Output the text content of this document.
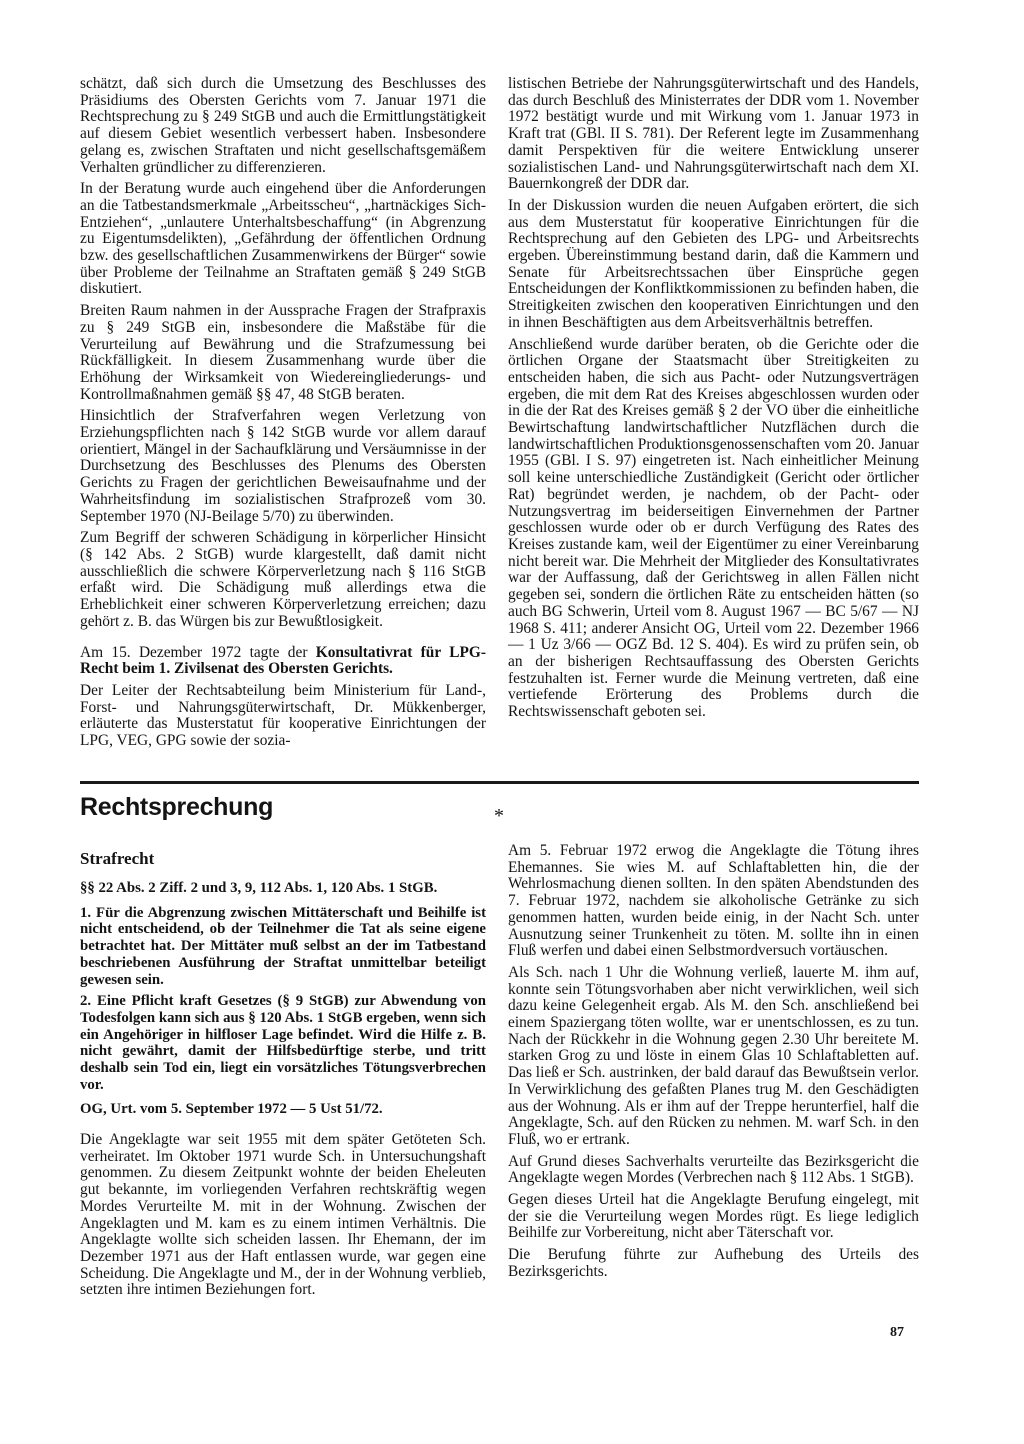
schätzt, daß sich durch die Umsetzung des Beschlusses des Präsidiums des Obersten Gerichts vom 7. Januar 1971 die Rechtsprechung zu § 249 StGB und auch die Ermittlungstätigkeit auf diesem Gebiet wesentlich verbessert haben. Insbesondere gelang es, zwischen Straftaten und nicht gesellschaftsgemäßem Verhalten gründlicher zu differenzieren.

In der Beratung wurde auch eingehend über die Anforderungen an die Tatbestandsmerkmale „Arbeitsscheu“, „hartnäckiges Sich-Entziehen“, „unlautere Unterhaltsbeschaffung“ (in Abgrenzung zu Eigentumsdelikten), „Gefährdung der öffentlichen Ordnung bzw. des gesellschaftlichen Zusammenwirkens der Bürger“ sowie über Probleme der Teilnahme an Straftaten gemäß § 249 StGB diskutiert.

Breiten Raum nahmen in der Aussprache Fragen der Strafpraxis zu § 249 StGB ein, insbesondere die Maßstäbe für die Verurteilung auf Bewährung und die Strafzumessung bei Rückfälligkeit. In diesem Zusammenhang wurde über die Erhöhung der Wirksamkeit von Wiedereingliederungs- und Kontrollmaßnahmen gemäß §§ 47, 48 StGB beraten.

Hinsichtlich der Strafverfahren wegen Verletzung von Erziehungspflichten nach § 142 StGB wurde vor allem darauf orientiert, Mängel in der Sachaufklärung und Versäumnisse in der Durchsetzung des Beschlusses des Plenums des Obersten Gerichts zu Fragen der gerichtlichen Beweisaufnahme und der Wahrheitsfindung im sozialistischen Strafprozeß vom 30. September 1970 (NJ-Beilage 5/70) zu überwinden.

Zum Begriff der schweren Schädigung in körperlicher Hinsicht (§ 142 Abs. 2 StGB) wurde klargestellt, daß damit nicht ausschließlich die schwere Körperverletzung nach § 116 StGB erfaßt wird. Die Schädigung muß allerdings etwa die Erheblichkeit einer schweren Körperverletzung erreichen; dazu gehört z. B. das Würgen bis zur Bewußtlosigkeit.

Am 15. Dezember 1972 tagte der Konsultativrat für LPG-Recht beim 1. Zivilsenat des Obersten Gerichts.

Der Leiter der Rechtsabteilung beim Ministerium für Land-, Forst- und Nahrungsgüterwirtschaft, Dr. Mükkenberger, erläuterte das Musterstatut für kooperative Einrichtungen der LPG, VEG, GPG sowie der sozia-

listischen Betriebe der Nahrungsgüterwirtschaft und des Handels, das durch Beschluß des Ministerrates der DDR vom 1. November 1972 bestätigt wurde und mit Wirkung vom 1. Januar 1973 in Kraft trat (GBl. II S. 781). Der Referent legte im Zusammenhang damit Perspektiven für die weitere Entwicklung unserer sozialistischen Land- und Nahrungsgüterwirtschaft nach dem XI. Bauernkongreß der DDR dar.

In der Diskussion wurden die neuen Aufgaben erörtert, die sich aus dem Musterstatut für kooperative Einrichtungen für die Rechtsprechung auf den Gebieten des LPG- und Arbeitsrechts ergeben. Übereinstimmung bestand darin, daß die Kammern und Senate für Arbeitsrechtssachen über Einsprüche gegen Entscheidungen der Konfliktkommissionen zu befinden haben, die Streitigkeiten zwischen den kooperativen Einrichtungen und den in ihnen Beschäftigten aus dem Arbeitsverhältnis betreffen.

Anschließend wurde darüber beraten, ob die Gerichte oder die örtlichen Organe der Staatsmacht über Streitigkeiten zu entscheiden haben, die sich aus Pacht- oder Nutzungsverträgen ergeben, die mit dem Rat des Kreises abgeschlossen wurden oder in die der Rat des Kreises gemäß § 2 der VO über die einheitliche Bewirtschaftung landwirtschaftlicher Nutzflächen durch die landwirtschaftlichen Produktionsgenossenschaften vom 20. Januar 1955 (GBl. I S. 97) eingetreten ist. Nach einheitlicher Meinung soll keine unterschiedliche Zuständigkeit (Gericht oder örtlicher Rat) begründet werden, je nachdem, ob der Pacht- oder Nutzungsvertrag im beiderseitigen Einvernehmen der Partner geschlossen wurde oder ob er durch Verfügung des Rates des Kreises zustande kam, weil der Eigentümer zu einer Vereinbarung nicht bereit war. Die Mehrheit der Mitglieder des Konsultativrates war der Auffassung, daß der Gerichtsweg in allen Fällen nicht gegeben sei, sondern die örtlichen Räte zu entscheiden hätten (so auch BG Schwerin, Urteil vom 8. August 1967 — BC 5/67 — NJ 1968 S. 411; anderer Ansicht OG, Urteil vom 22. Dezember 1966 — 1 Uz 3/66 — OGZ Bd. 12 S. 404). Es wird zu prüfen sein, ob an der bisherigen Rechtsauffassung des Obersten Gerichts festzuhalten ist. Ferner wurde die Meinung vertreten, daß eine vertiefende Erörterung des Problems durch die Rechtswissenschaft geboten sei.

Rechtsprechung	*
Strafrecht

§§ 22 Abs. 2 Ziff. 2 und 3, 9, 112 Abs. 1, 120 Abs. 1 StGB.

1. Für die Abgrenzung zwischen Mittäterschaft und Beihilfe ist nicht entscheidend, ob der Teilnehmer die Tat als seine eigene betrachtet hat. Der Mittäter muß selbst an der im Tatbestand beschriebenen Ausführung der Straftat unmittelbar beteiligt gewesen sein.

2. Eine Pflicht kraft Gesetzes (§ 9 StGB) zur Abwendung von Todesfolgen kann sich aus § 120 Abs. 1 StGB ergeben, wenn sich ein Angehöriger in hilfloser Lage befindet. Wird die Hilfe z. B. nicht gewährt, damit der Hilfsbedürftige sterbe, und tritt deshalb sein Tod ein, liegt ein vorsätzliches Tötungsverbrechen vor.

OG, Urt. vom 5. September 1972 — 5 Ust 51/72.

Die Angeklagte war seit 1955 mit dem später Getöteten Sch. verheiratet. Im Oktober 1971 wurde Sch. in Untersuchungshaft genommen. Zu diesem Zeitpunkt wohnte der beiden Eheleuten gut bekannte, im vorliegenden Verfahren rechtskräftig wegen Mordes Verurteilte M. mit in der Wohnung. Zwischen der Angeklagten und M. kam es zu einem intimen Verhältnis. Die Angeklagte wollte sich scheiden lassen. Ihr Ehemann, der im Dezember 1971 aus der Haft entlassen wurde, war gegen eine Scheidung. Die Angeklagte und M., der in der Wohnung verblieb, setzten ihre intimen Beziehungen fort.

Am 5. Februar 1972 erwog die Angeklagte die Tötung ihres Ehemannes. Sie wies M. auf Schlaftabletten hin, die der Wehrlosmachung dienen sollten. In den späten Abendstunden des 7. Februar 1972, nachdem sie alkoholische Getränke zu sich genommen hatten, wurden beide einig, in der Nacht Sch. unter Ausnutzung seiner Trunkenheit zu töten. M. sollte ihn in einen Fluß werfen und dabei einen Selbstmordversuch vortäuschen.

Als Sch. nach 1 Uhr die Wohnung verließ, lauerte M. ihm auf, konnte sein Tötungsvorhaben aber nicht verwirklichen, weil sich dazu keine Gelegenheit ergab. Als M. den Sch. anschließend bei einem Spaziergang töten wollte, war er unentschlossen, es zu tun. Nach der Rückkehr in die Wohnung gegen 2.30 Uhr bereitete M. starken Grog zu und löste in einem Glas 10 Schlaftabletten auf. Das ließ er Sch. austrinken, der bald darauf das Bewußtsein verlor. In Verwirklichung des gefaßten Planes trug M. den Geschädigten aus der Wohnung. Als er ihm auf der Treppe herunterfiel, half die Angeklagte, Sch. auf den Rücken zu nehmen. M. warf Sch. in den Fluß, wo er ertrank.

Auf Grund dieses Sachverhalts verurteilte das Bezirksgericht die Angeklagte wegen Mordes (Verbrechen nach § 112 Abs. 1 StGB).

Gegen dieses Urteil hat die Angeklagte Berufung eingelegt, mit der sie die Verurteilung wegen Mordes rügt. Es liege lediglich Beihilfe zur Vorbereitung, nicht aber Täterschaft vor.

Die Berufung führte zur Aufhebung des Urteils des Bezirksgerichts.

87
